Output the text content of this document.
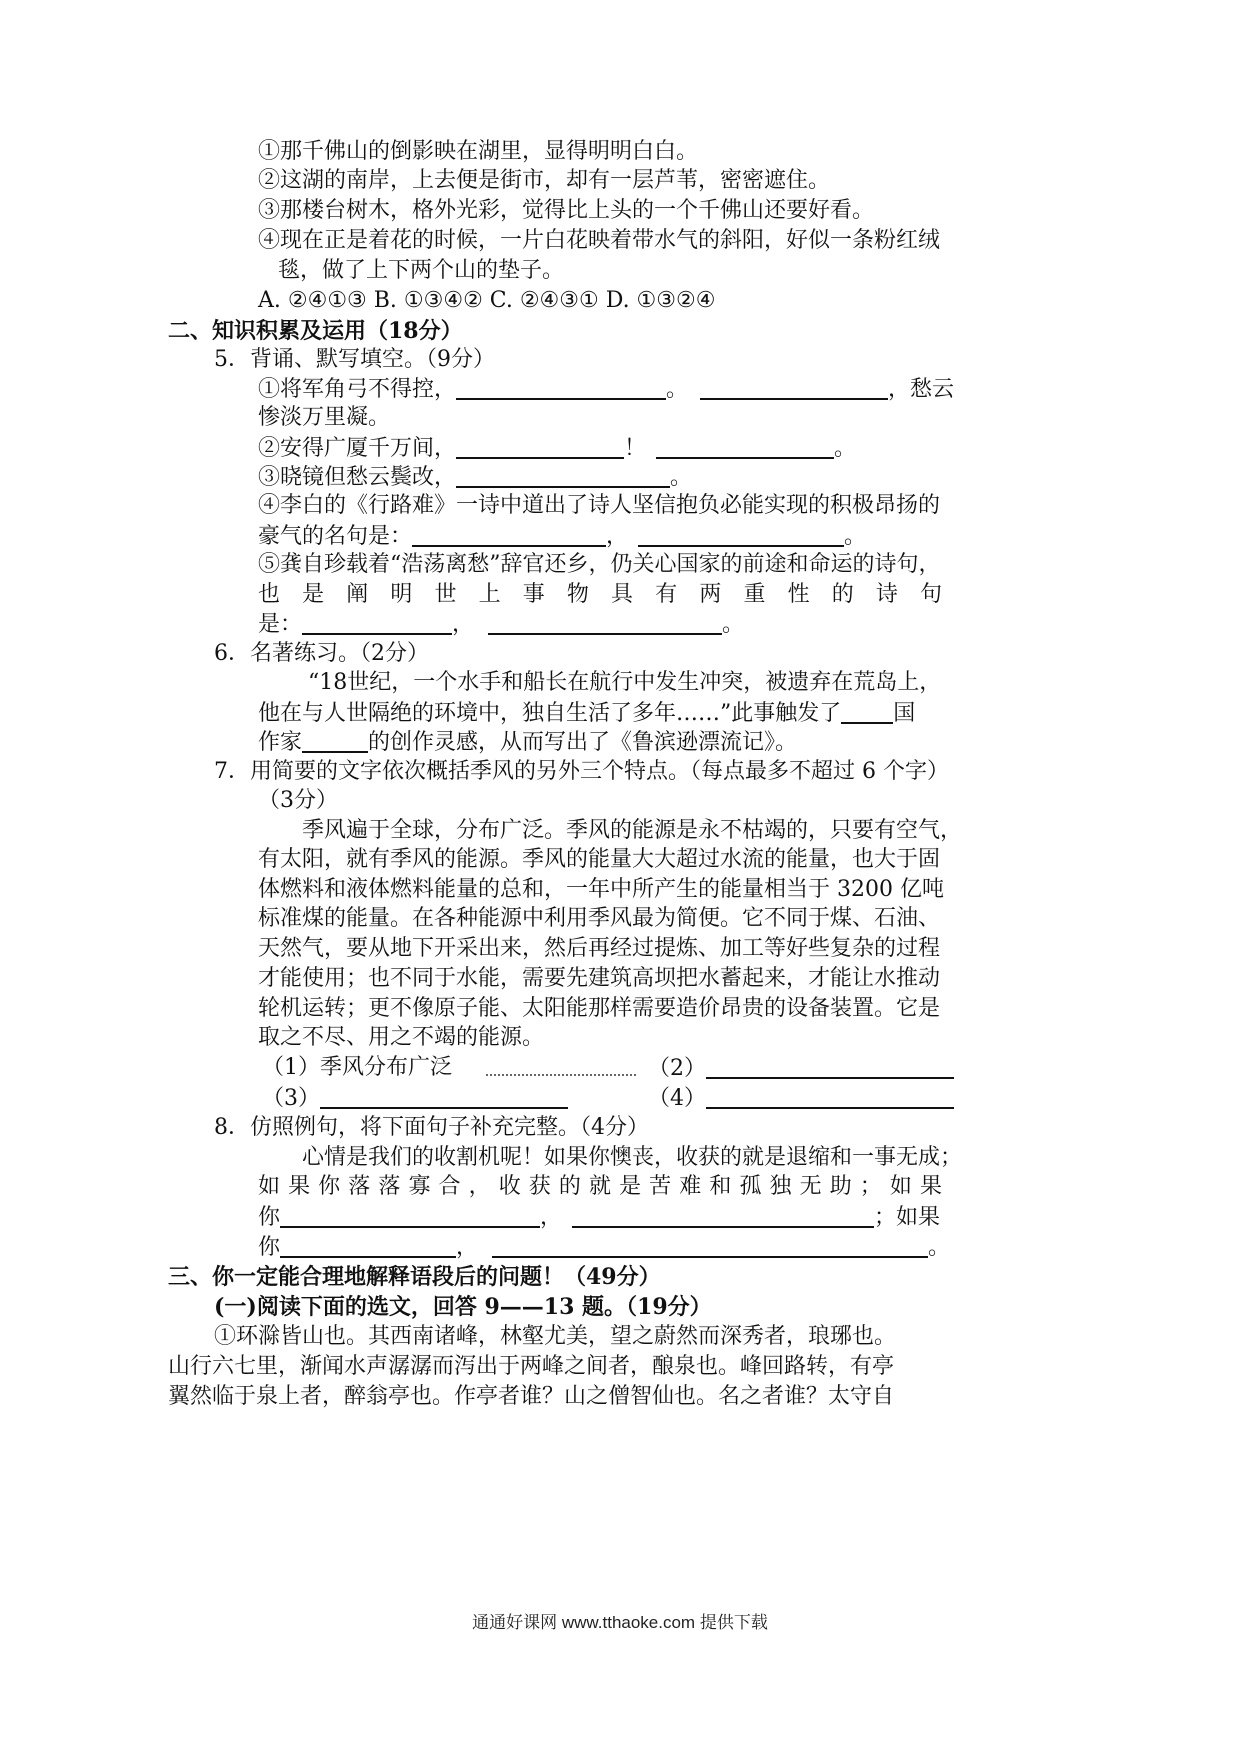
①那千佛山的倒影映在湖里，显得明明白白。
②这湖的南岸，上去便是街市，却有一层芦苇，密密遮住。
③那楼台树木，格外光彩，觉得比上头的一个千佛山还要好看。
④现在正是着花的时候，一片白花映着带水气的斜阳，好似一条粉红绒
毯，做了上下两个山的垫子。
A. ②④①③ B. ①③④② C. ②④③① D. ①③②④
二、知识积累及运用（18分）
5．背诵、默写填空。（9分）
①将军角弓不得控，	。	，愁云
惨淡万里凝。
②安得广厦千万间，	！	。
③晓镜但愁云鬓改，	。
④李白的《行路难》一诗中道出了诗人坚信抱负必能实现的积极昂扬的
豪气的名句是：	，	。
⑤龚自珍载着“浩荡离愁”辞官还乡，仍关心国家的前途和命运的诗句，
也是阐明世上事物具有两重性的诗句
是：	，	。
6．名著练习。（2分）
“18世纪，一个水手和船长在航行中发生冲突，被遗弃在荒岛上，
他在与人世隔绝的环境中，独自生活了多年……”此事触发了 国
作家	的创作灵感，从而写出了《鲁滨逊漂流记》。
7．用简要的文字依次概括季风的另外三个特点。（每点最多不超过 6 个字）
（3分）
季风遍于全球，分布广泛。季风的能源是永不枯竭的，只要有空气，
有太阳，就有季风的能源。季风的能量大大超过水流的能量，也大于固
体燃料和液体燃料能量的总和，一年中所产生的能量相当于 3200 亿吨
标准煤的能量。在各种能源中利用季风最为简便。它不同于煤、石油、
天然气，要从地下开采出来，然后再经过提炼、加工等好些复杂的过程
才能使用；也不同于水能，需要先建筑高坝把水蓄起来，才能让水推动
轮机运转；更不像原子能、太阳能那样需要造价昂贵的设备装置。它是
取之不尽、用之不竭的能源。
（1）季风分布广泛	（2）
（3）	（4）
8．仿照例句，将下面句子补充完整。（4分）
心情是我们的收割机呢！如果你懊丧，收获的就是退缩和一事无成；
如果你落落寡合，收获的就是苦难和孤独无助；如果
你	，	；如果
你	，	。
三、你一定能合理地解释语段后的问题！（49分）
(一)阅读下面的选文，回答 9——13 题。（19分）
①环滁皆山也。其西南诸峰，林壑尤美，望之蔚然而深秀者，琅琊也。
山行六七里，渐闻水声潺潺而泻出于两峰之间者，酿泉也。峰回路转，有亭
翼然临于泉上者，醉翁亭也。作亭者谁？山之僧智仙也。名之者谁？太守自
通通好课网 www.tthaoke.com 提供下载
